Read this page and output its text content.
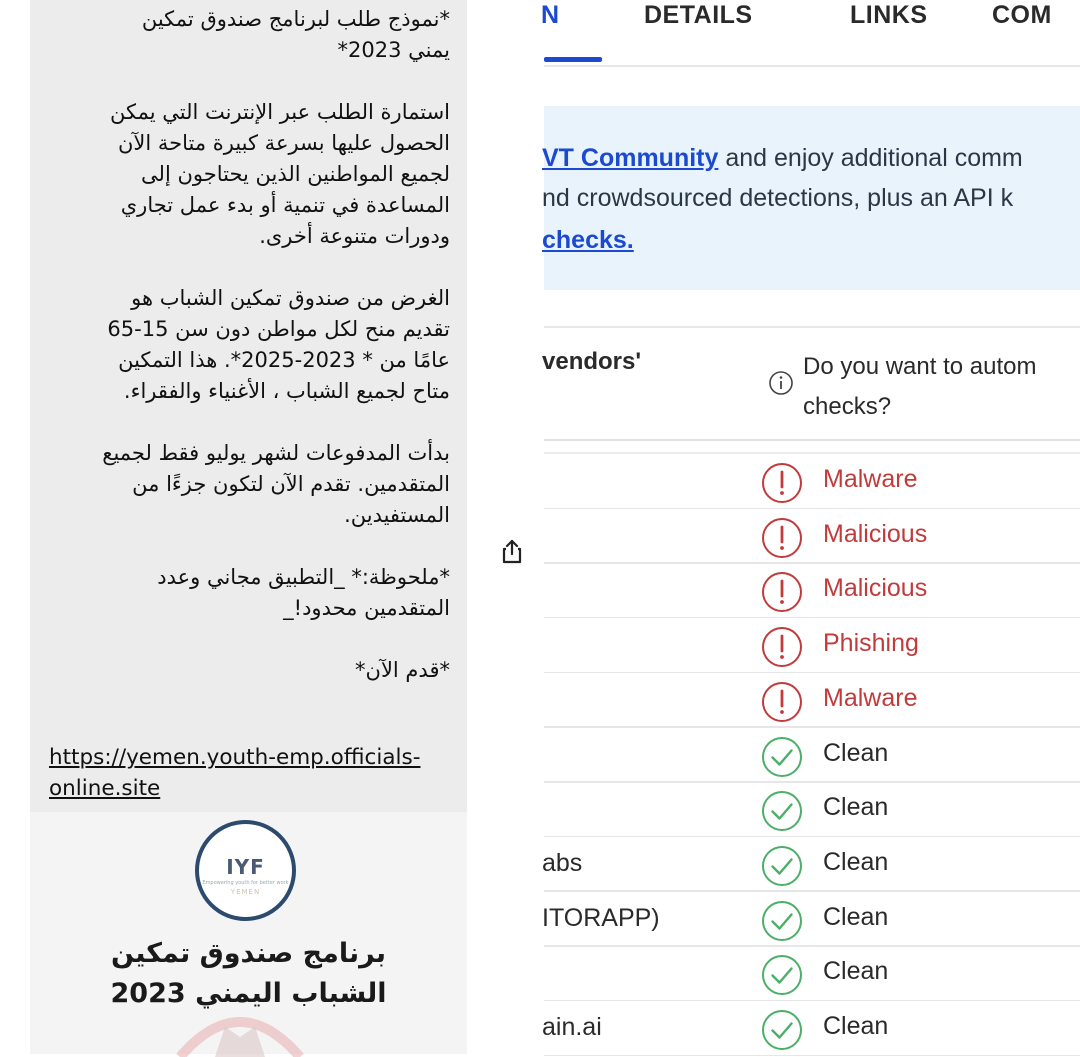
*نموذج طلب لبرنامج صندوق تمكين
يمني 2023*

استمارة الطلب عبر الإنترنت التي يمكن
الحصول عليها بسرعة كبيرة متاحة الآن
لجميع المواطنين الذين يحتاجون إلى
المساعدة في تنمية أو بدء عمل تجاري
ودورات متنوعة أخرى.

الغرض من صندوق تمكين الشباب هو
تقديم منح لكل مواطن دون سن 15-65
عامًا من * 2023-2025*. هذا التمكين
متاح لجميع الشباب ، الأغنياء والفقراء.

بدأت المدفوعات لشهر يوليو فقط لجميع
المتقدمين. تقدم الآن لتكون جزءًا من
المستفيدين.

*ملحوظة:* _التطبيق مجاني وعدد
المتقدمين محدود!_

*قدم الآن*

https://yemen.youth-emp.officials-online.site
IYF
Empowering youth for better work
YEMEN
برنامج صندوق تمكين
الشباب اليمني 2023
N	DETAILS	LINKS	COM
VT Community and enjoy additional comm
nd crowdsourced detections, plus an API k
checks.
vendors'	Do you want to autom
checks?
Malware
Malicious
Malicious
Phishing
Malware
Clean
Clean
abs	Clean
ITORAPP)	Clean
Clean
ain.ai	Clean
